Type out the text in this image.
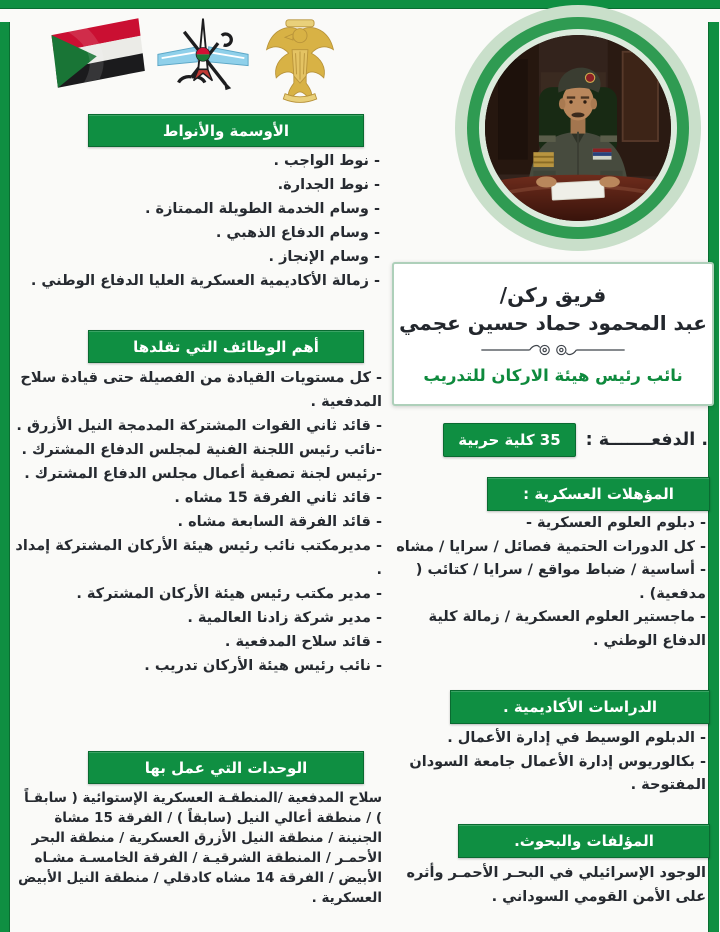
فريق ركن/
عبد المحمود حماد حسين عجمي
نائب رئيس هيئة الاركان للتدريب
. الدفعـــــــة :
35 كلية حربية
الأوسمة والأنواط
- نوط الواجب .
- نوط الجدارة.
- وسام الخدمة الطويلة الممتازة .
- وسام الدفاع الذهبي .
- وسام الإنجاز .
- زمالة الأكاديمية العسكرية العليا الدفاع الوطني .
أهم الوظائف التي تقلدها
- كل مستويات القيادة من الفصيلة حتى قيادة سلاح المدفعية .
- قائد ثاني القوات المشتركة المدمجة النيل الأزرق .
-نائب رئيس اللجنة الفنية لمجلس الدفاع المشترك .
-رئيس لجنة تصفية أعمال مجلس الدفاع المشترك .
- قائد ثاني الفرقة 15 مشاه .
- قائد الفرقة السابعة مشاه .
- مديرمكتب نائب رئيس هيئة الأركان المشتركة إمداد .
- مدير مكتب رئيس هيئة الأركان المشتركة .
- مدير شركة زادنا العالمية .
- قائد سلاح المدفعية .
- نائب رئيس هيئة الأركان تدريب .
الوحدات التي عمل بها
سلاح المدفعية /المنطقـة العسكرية الإستوائية ( سابقـاً ) / منطقة أعالي النيل (سابقاً ) / الفرقة 15 مشاة الجنينة / منطقة النيل الأزرق العسكرية / منطقة البحر الأحمـر / المنطقة الشرقيـة / الفرقة الخامسـة مشـاه الأبيض / الفرقة 14 مشاه كادقلي / منطقة النيل الأبيض العسكرية .
المؤهلات العسكرية :
- دبلوم العلوم العسكرية -
- كل الدورات الحتمية فصائل / سرايا / مشاه
- أساسية / ضباط مواقع / سرايا / كتائب ( مدفعية) .
- ماجستير العلوم العسكرية / زمالة كلية الدفاع الوطني .
الدراسات الأكاديمية .
- الدبلوم الوسيط في إدارة الأعمال .
- بكالوريوس إدارة الأعمال جامعة السودان المفتوحة .
المؤلفات والبحوث.
الوجود الإسرائيلي في البحـر الأحمـر وأثره على الأمن القومي السوداني .
